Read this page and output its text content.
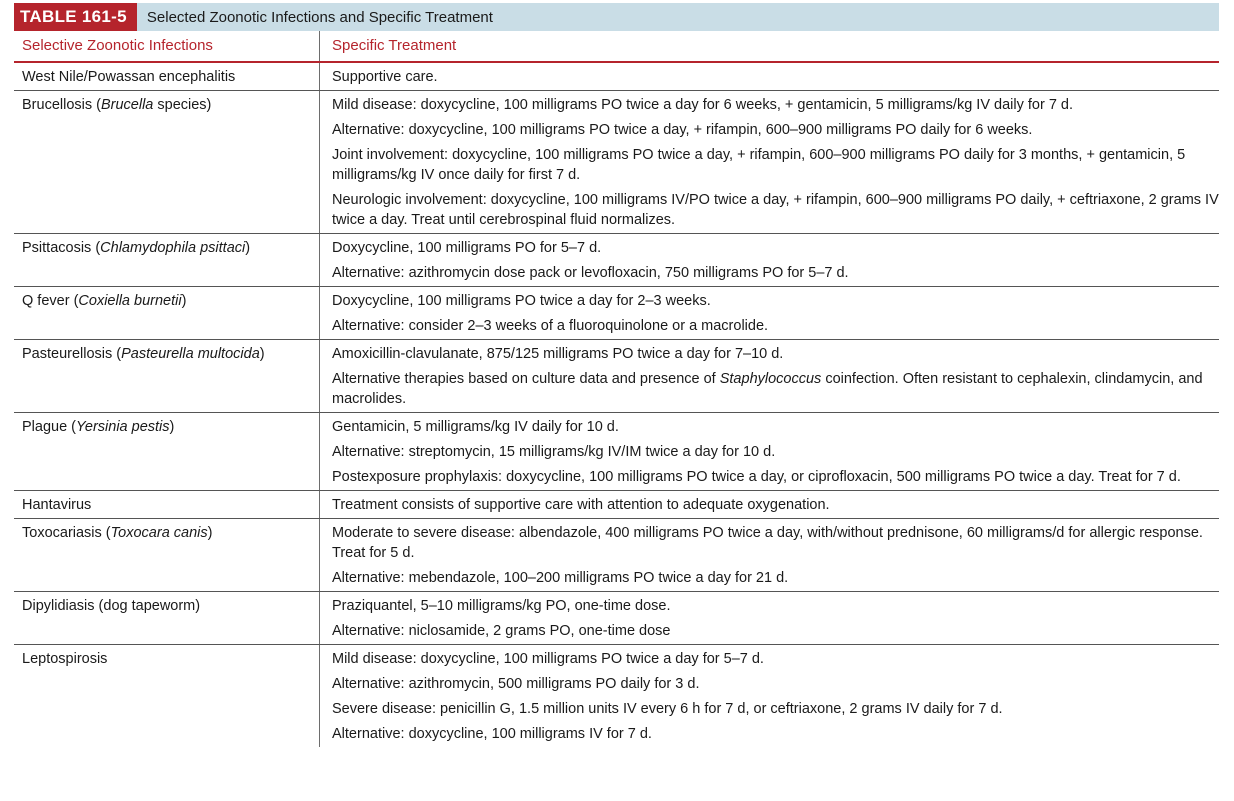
TABLE 161-5	Selected Zoonotic Infections and Specific Treatment
Selective Zoonotic Infections	Specific Treatment
West Nile/Powassan encephalitis	Supportive care.
Brucellosis (Brucella species)	Mild disease: doxycycline, 100 milligrams PO twice a day for 6 weeks, + gentamicin, 5 milligrams/kg IV daily for 7 d.
Alternative: doxycycline, 100 milligrams PO twice a day, + rifampin, 600–900 milligrams PO daily for 6 weeks.
Joint involvement: doxycycline, 100 milligrams PO twice a day, + rifampin, 600–900 milligrams PO daily for 3 months, + gentamicin, 5 milligrams/kg IV once daily for first 7 d.
Neurologic involvement: doxycycline, 100 milligrams IV/PO twice a day, + rifampin, 600–900 milligrams PO daily, + ceftriaxone, 2 grams IV twice a day. Treat until cerebrospinal fluid normalizes.
Psittacosis (Chlamydophila psittaci)	Doxycycline, 100 milligrams PO for 5–7 d.
Alternative: azithromycin dose pack or levofloxacin, 750 milligrams PO for 5–7 d.
Q fever (Coxiella burnetii)	Doxycycline, 100 milligrams PO twice a day for 2–3 weeks.
Alternative: consider 2–3 weeks of a fluoroquinolone or a macrolide.
Pasteurellosis (Pasteurella multocida)	Amoxicillin-clavulanate, 875/125 milligrams PO twice a day for 7–10 d.
Alternative therapies based on culture data and presence of Staphylococcus coinfection. Often resistant to cephalexin, clindamycin, and macrolides.
Plague (Yersinia pestis)	Gentamicin, 5 milligrams/kg IV daily for 10 d.
Alternative: streptomycin, 15 milligrams/kg IV/IM twice a day for 10 d.
Postexposure prophylaxis: doxycycline, 100 milligrams PO twice a day, or ciprofloxacin, 500 milligrams PO twice a day. Treat for 7 d.
Hantavirus	Treatment consists of supportive care with attention to adequate oxygenation.
Toxocariasis (Toxocara canis)	Moderate to severe disease: albendazole, 400 milligrams PO twice a day, with/without prednisone, 60 milligrams/d for allergic response. Treat for 5 d.
Alternative: mebendazole, 100–200 milligrams PO twice a day for 21 d.
Dipylidiasis (dog tapeworm)	Praziquantel, 5–10 milligrams/kg PO, one-time dose.
Alternative: niclosamide, 2 grams PO, one-time dose
Leptospirosis	Mild disease: doxycycline, 100 milligrams PO twice a day for 5–7 d.
Alternative: azithromycin, 500 milligrams PO daily for 3 d.
Severe disease: penicillin G, 1.5 million units IV every 6 h for 7 d, or ceftriaxone, 2 grams IV daily for 7 d.
Alternative: doxycycline, 100 milligrams IV for 7 d.
